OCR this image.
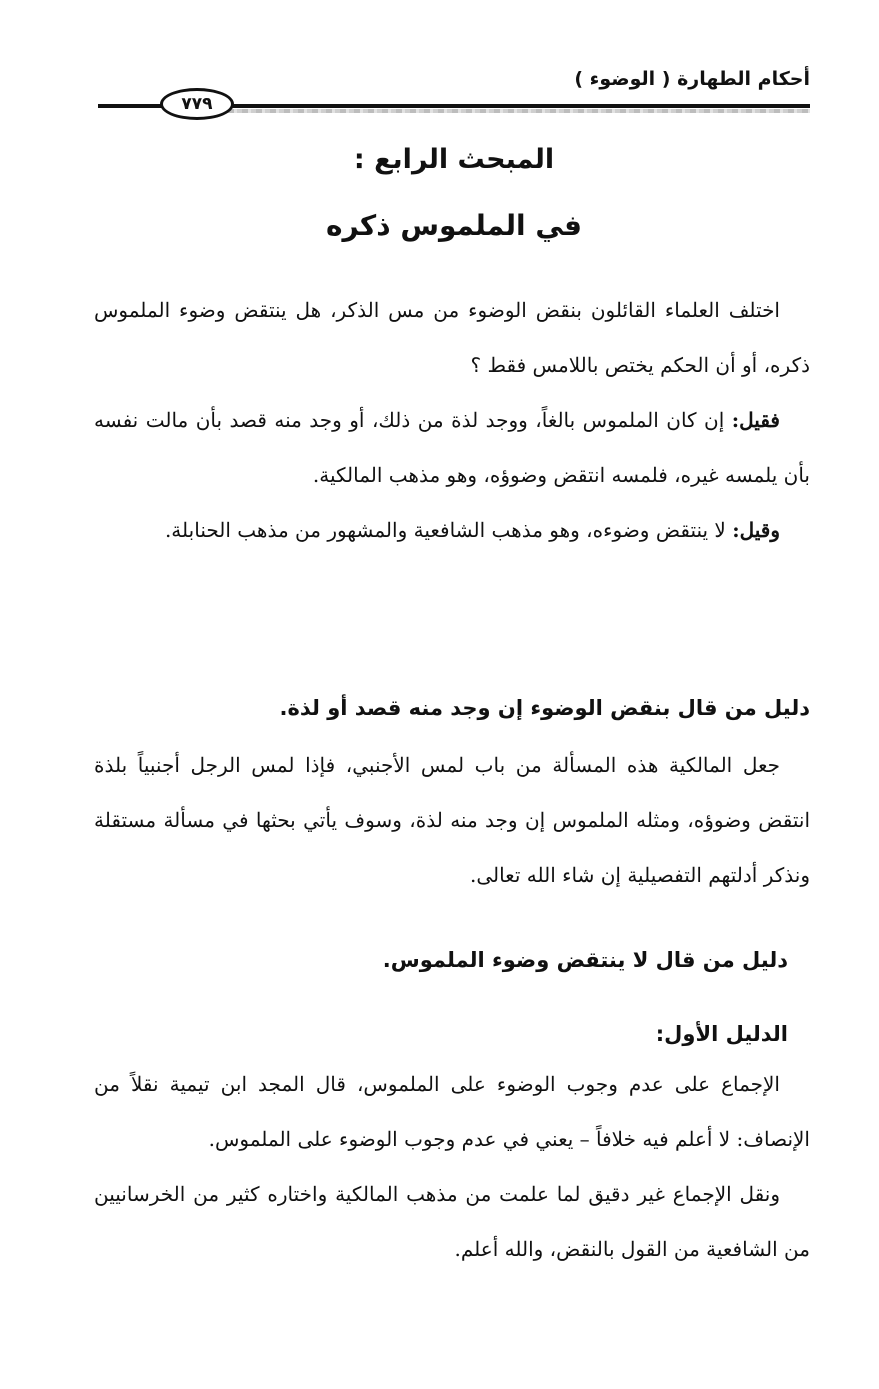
أحكام الطهارة ( الوضوء )
٧٧٩
المبحث الرابع :
في الملموس ذكره

اختلف العلماء القائلون بنقض الوضوء من مس الذكر، هل ينتقض وضوء الملموس ذكره، أو أن الحكم يختص باللامس فقط ؟

فقيل: إن كان الملموس بالغاً، ووجد لذة من ذلك، أو وجد منه قصد بأن مالت نفسه بأن يلمسه غيره، فلمسه انتقض وضوؤه، وهو مذهب المالكية.

وقيل: لا ينتقض وضوءه، وهو مذهب الشافعية والمشهور من مذهب الحنابلة.

دليل من قال بنقض الوضوء إن وجد منه قصد أو لذة.

جعل المالكية هذه المسألة من باب لمس الأجنبي، فإذا لمس الرجل أجنبياً بلذة انتقض وضوؤه، ومثله الملموس إن وجد منه لذة، وسوف يأتي بحثها في مسألة مستقلة ونذكر أدلتهم التفصيلية إن شاء الله تعالى.

دليل من قال لا ينتقض وضوء الملموس.
الدليل الأول:

الإجماع على عدم وجوب الوضوء على الملموس، قال المجد ابن تيمية نقلاً من الإنصاف: لا أعلم فيه خلافاً – يعني في عدم وجوب الوضوء على الملموس.

ونقل الإجماع غير دقيق لما علمت من مذهب المالكية واختاره كثير من الخرسانيين من الشافعية من القول بالنقض، والله أعلم.
